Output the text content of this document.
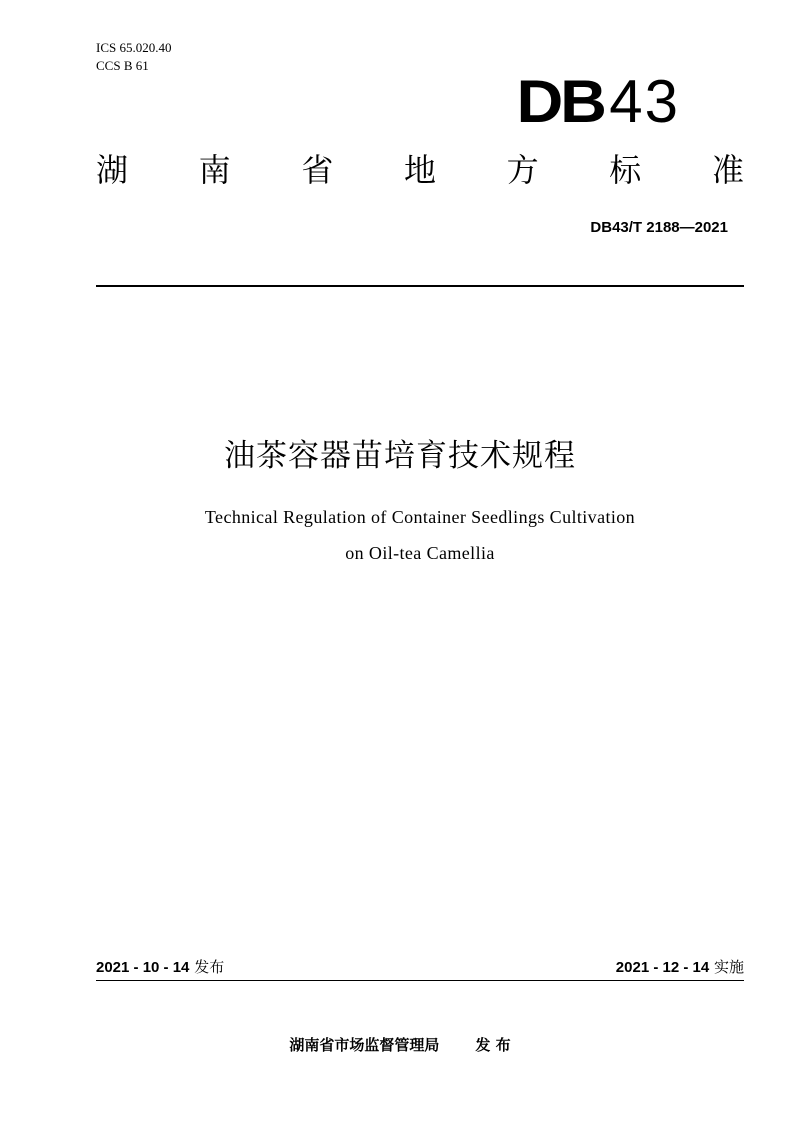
ICS 65.020.40
CCS B 61
DB 43
湖 南 省 地 方 标 准
DB43/T 2188—2021
油茶容器苗培育技术规程
Technical Regulation of Container Seedlings Cultivation
on Oil-tea Camellia
2021 - 10 - 14 发布	2021 - 12 - 14 实施
湖南省市场监督管理局 发 布
